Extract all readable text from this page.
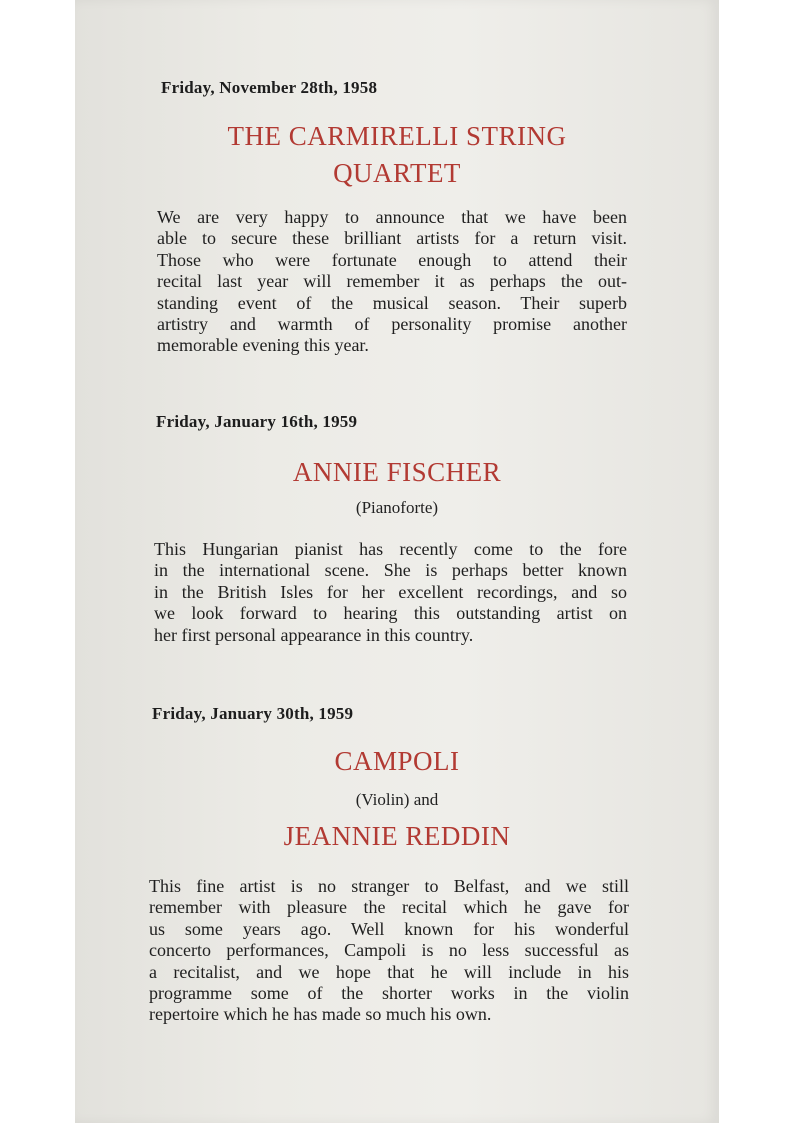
Friday, November 28th, 1958
THE CARMIRELLI STRING
QUARTET
We are very happy to announce that we have been
able to secure these brilliant artists for a return visit.
Those who were fortunate enough to attend their
recital last year will remember it as perhaps the out-
standing event of the musical season. Their superb
artistry and warmth of personality promise another
memorable evening this year.
Friday, January 16th, 1959
ANNIE FISCHER
(Pianoforte)
This Hungarian pianist has recently come to the fore
in the international scene. She is perhaps better known
in the British Isles for her excellent recordings, and so
we look forward to hearing this outstanding artist on
her first personal appearance in this country.
Friday, January 30th, 1959
CAMPOLI
(Violin) and
JEANNIE REDDIN
This fine artist is no stranger to Belfast, and we still
remember with pleasure the recital which he gave for
us some years ago. Well known for his wonderful
concerto performances, Campoli is no less successful as
a recitalist, and we hope that he will include in his
programme some of the shorter works in the violin
repertoire which he has made so much his own.
